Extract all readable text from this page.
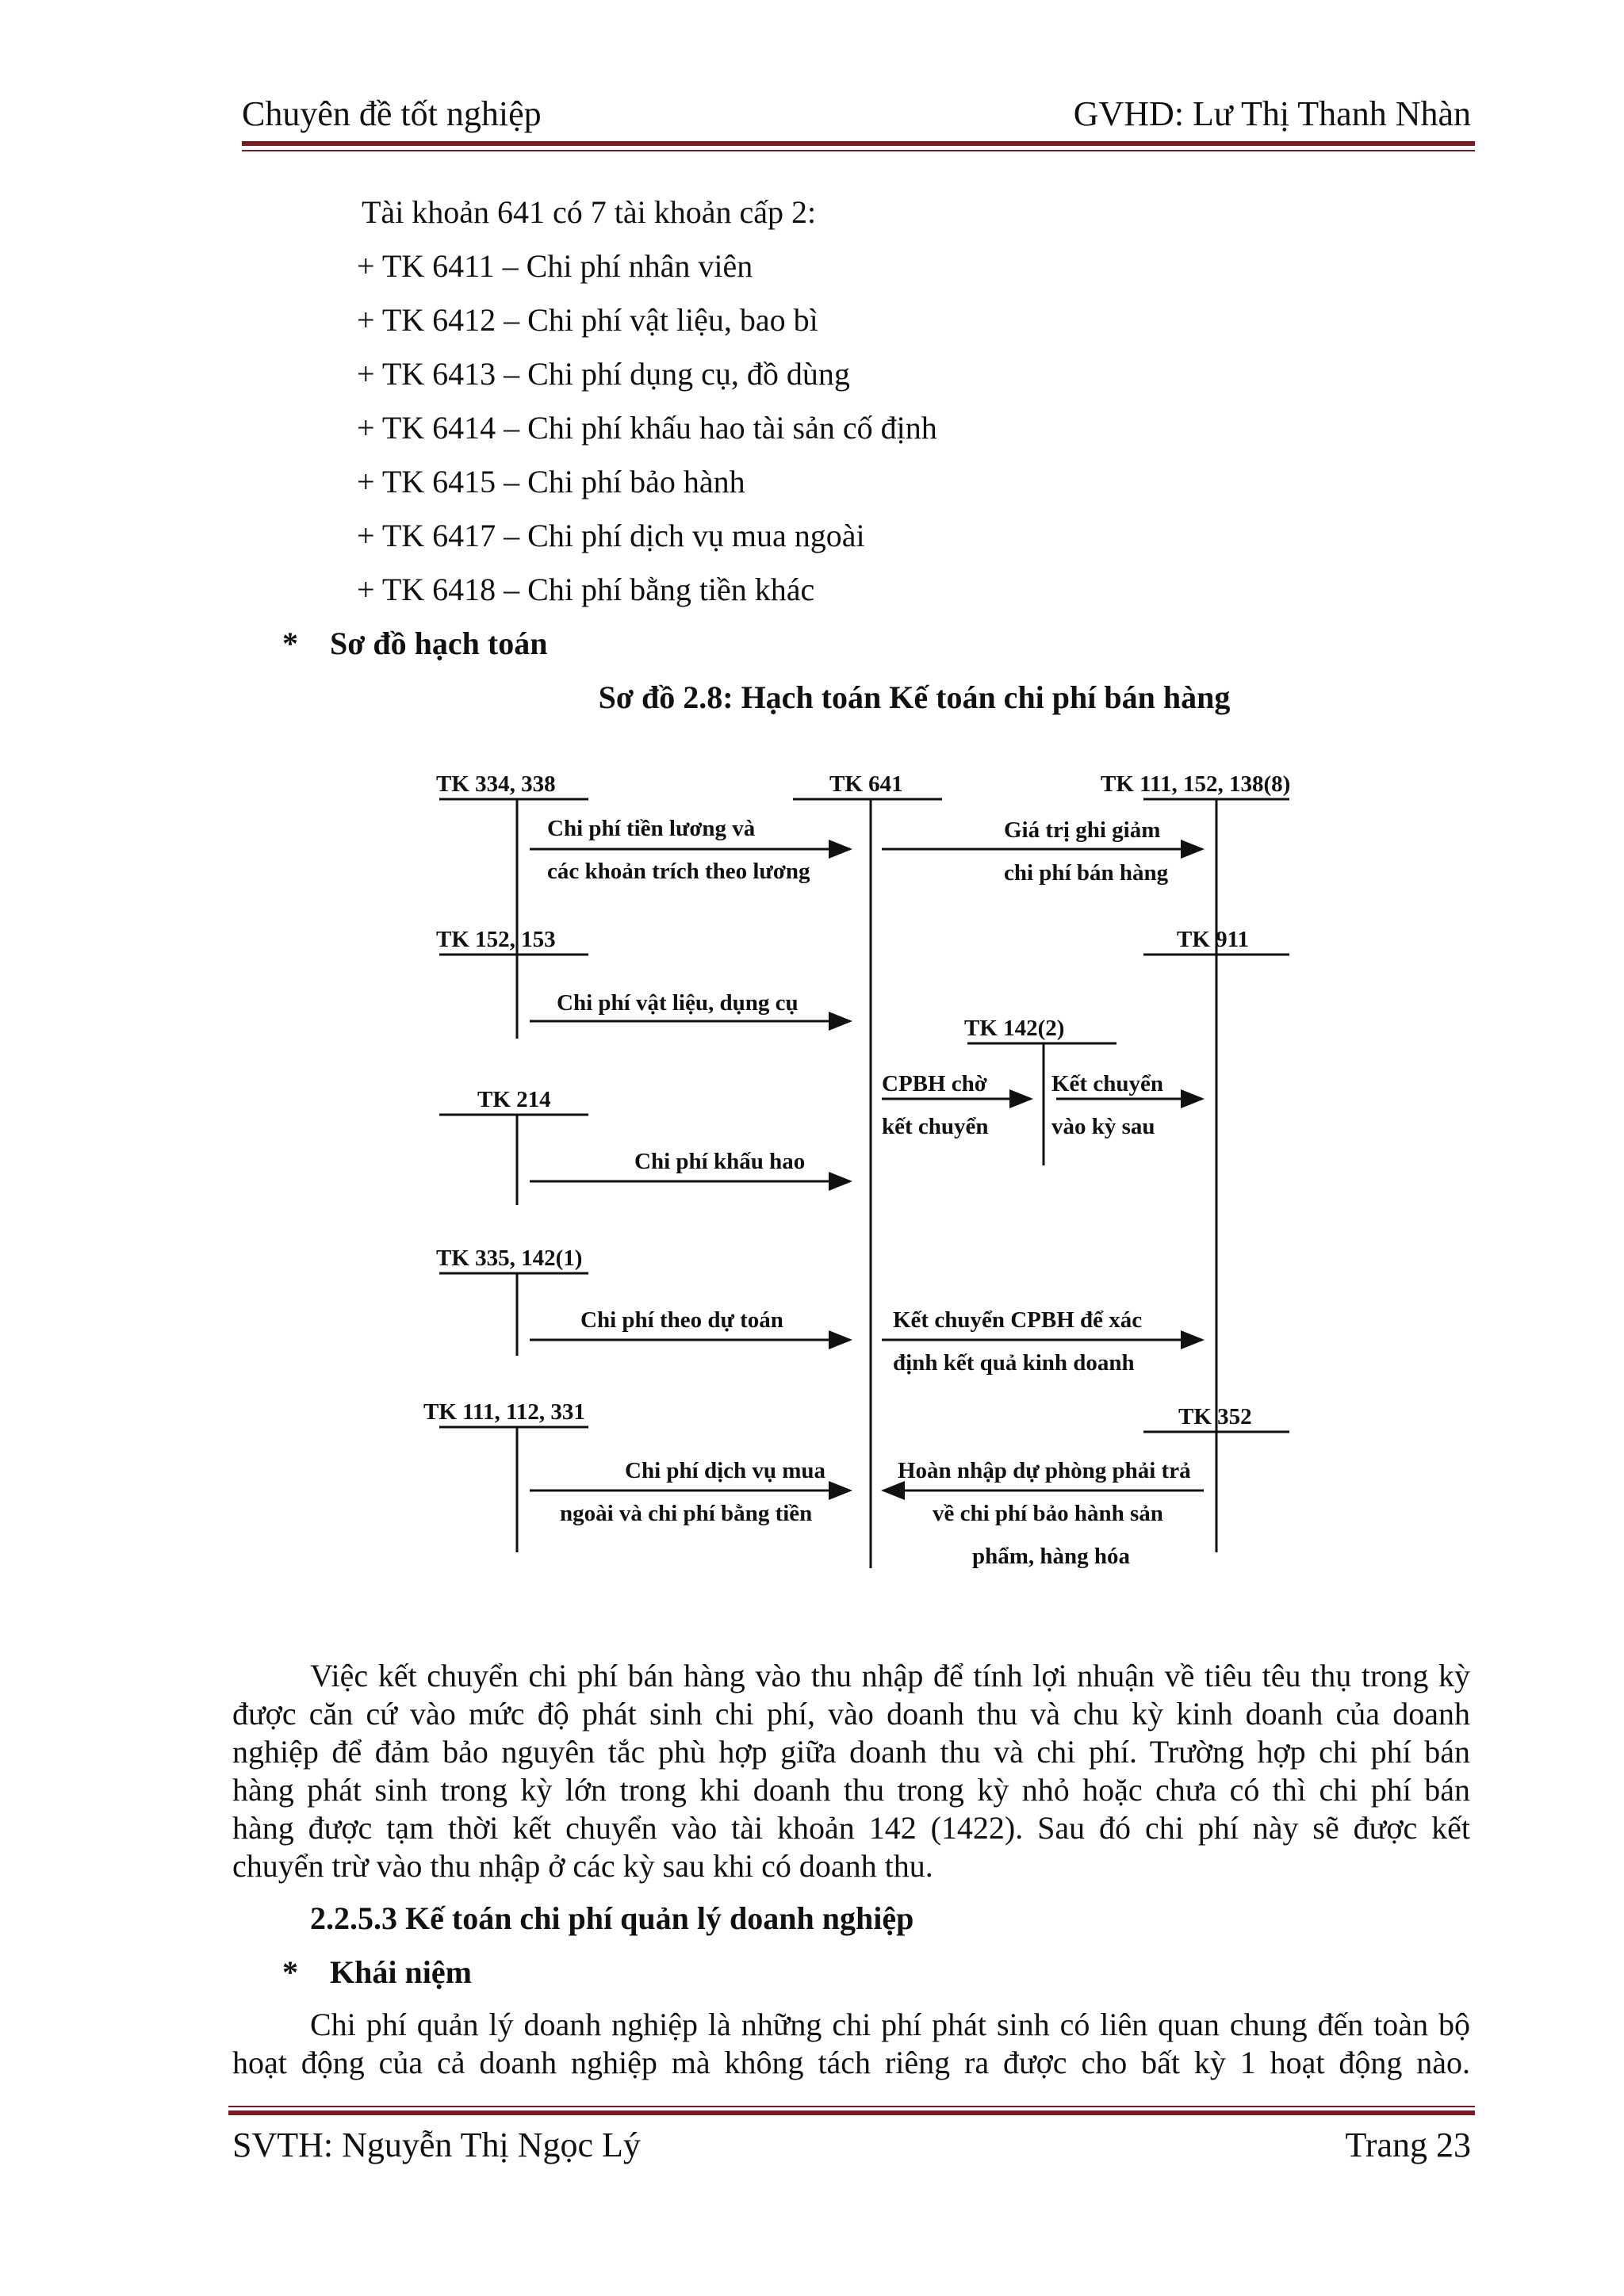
Chuyên đề tốt nghiệp	GVHD: Lư Thị Thanh Nhàn
Tài khoản 641 có 7 tài khoản cấp 2:
+ TK 6411 – Chi phí nhân viên
+ TK 6412 – Chi phí vật liệu, bao bì
+ TK 6413 – Chi phí dụng cụ, đồ dùng
+ TK 6414 – Chi phí khấu hao tài sản cố định
+ TK 6415 – Chi phí bảo hành
+ TK 6417 – Chi phí dịch vụ mua ngoài
+ TK 6418 – Chi phí bằng tiền khác
* Sơ đồ hạch toán
Sơ đồ 2.8: Hạch toán Kế toán chi phí bán hàng
TK 334, 338	TK 641	TK 111, 152, 138(8)
TK 152, 153	TK 911
TK 142(2)
TK 214
TK 335, 142(1)
TK 111, 112, 331	TK 352
Chi phí tiền lương và
các khoản trích theo lương
Giá trị ghi giảm
chi phí bán hàng
Chi phí vật liệu, dụng cụ
CPBH chờ
kết chuyển
Kết chuyển
vào kỳ sau
Chi phí khấu hao
Chi phí theo dự toán	Kết chuyển CPBH để xác
định kết quả kinh doanh
Chi phí dịch vụ mua
ngoài và chi phí bằng tiền
Hoàn nhập dự phòng phải trả
về chi phí bảo hành sản
phẩm, hàng hóa
Việc kết chuyển chi phí bán hàng vào thu nhập để tính lợi nhuận về tiêu têu thụ trong kỳ
được căn cứ vào mức độ phát sinh chi phí, vào doanh thu và chu kỳ kinh doanh của doanh
nghiệp để đảm bảo nguyên tắc phù hợp giữa doanh thu và chi phí. Trường hợp chi phí bán
hàng phát sinh trong kỳ lớn trong khi doanh thu trong kỳ nhỏ hoặc chưa có thì chi phí bán
hàng được tạm thời kết chuyển vào tài khoản 142 (1422). Sau đó chi phí này sẽ được kết
chuyển trừ vào thu nhập ở các kỳ sau khi có doanh thu.
2.2.5.3 Kế toán chi phí quản lý doanh nghiệp
* Khái niệm
Chi phí quản lý doanh nghiệp là những chi phí phát sinh có liên quan chung đến toàn bộ
hoạt động của cả doanh nghiệp mà không tách riêng ra được cho bất kỳ 1 hoạt động nào.
SVTH: Nguyễn Thị Ngọc Lý	Trang 23
